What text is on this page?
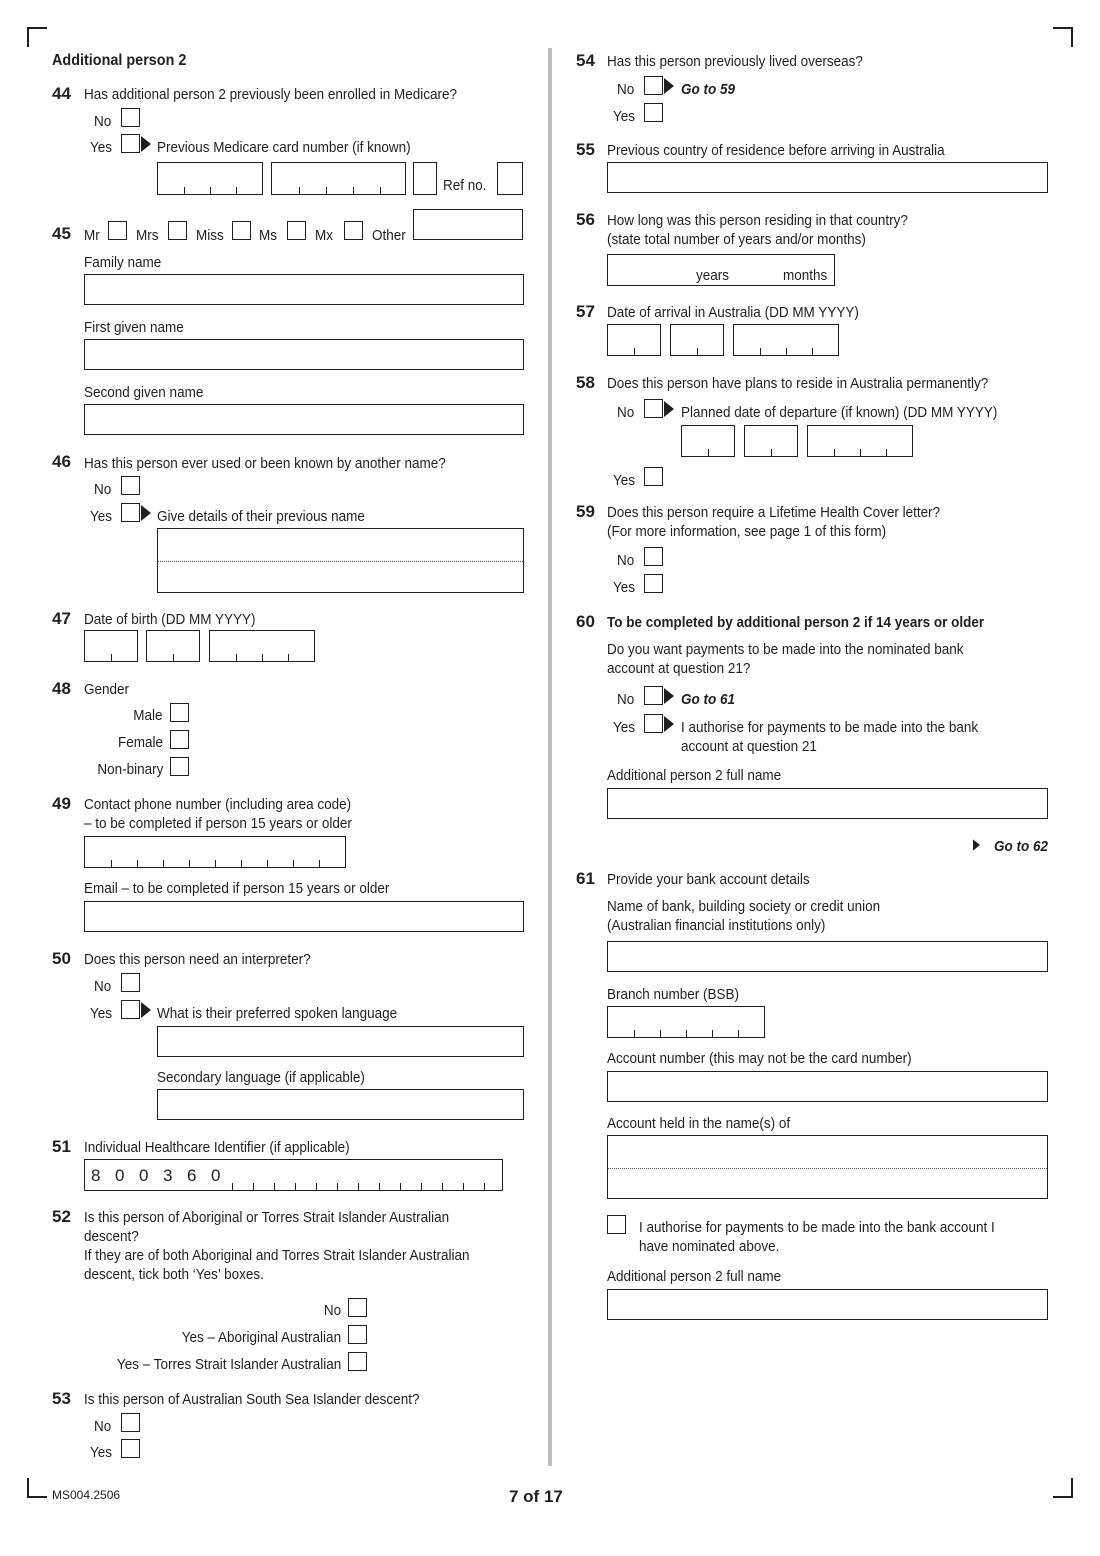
Additional person 2
44 Has additional person 2 previously been enrolled in Medicare?
No
Yes	Previous Medicare card number (if known)
Ref no.
45 Mr Mrs	Miss Ms	Mx	Other
Family name
First given name
Second given name
46 Has this person ever used or been known by another name?
No
Yes	Give details of their previous name
47 Date of birth (DD MM YYYY)
48 Gender
Male
Female
Non-binary
49 Contact phone number (including area code)
– to be completed if person 15 years or older
Email – to be completed if person 15 years or older
50 Does this person need an interpreter?
No
Yes	What is their preferred spoken language
Secondary language (if applicable)
51 Individual Healthcare Identifier (if applicable)
8 0 0 3 6 0
52 Is this person of Aboriginal or Torres Strait Islander Australian
descent?
If they are of both Aboriginal and Torres Strait Islander Australian
descent, tick both ‘Yes’ boxes.
No
Yes – Aboriginal Australian
Yes – Torres Strait Islander Australian
53 Is this person of Australian South Sea Islander descent?
No
Yes
54 Has this person previously lived overseas?
No	Go to 59
Yes
55 Previous country of residence before arriving in Australia
56 How long was this person residing in that country?
(state total number of years and/or months)
years	months
57 Date of arrival in Australia (DD MM YYYY)
58 Does this person have plans to reside in Australia permanently?
No	Planned date of departure (if known) (DD MM YYYY)
Yes
59 Does this person require a Lifetime Health Cover letter?
(For more information, see page 1 of this form)
No
Yes
60 To be completed by additional person 2 if 14 years or older
Do you want payments to be made into the nominated bank
account at question 21?
No	Go to 61
Yes	I authorise for payments to be made into the bank
account at question 21
Additional person 2 full name
Go to 62
61 Provide your bank account details
Name of bank, building society or credit union
(Australian financial institutions only)
Branch number (BSB)
Account number (this may not be the card number)
Account held in the name(s) of
I authorise for payments to be made into the bank account I
have nominated above.
Additional person 2 full name
MS004.2506	7 of 17
